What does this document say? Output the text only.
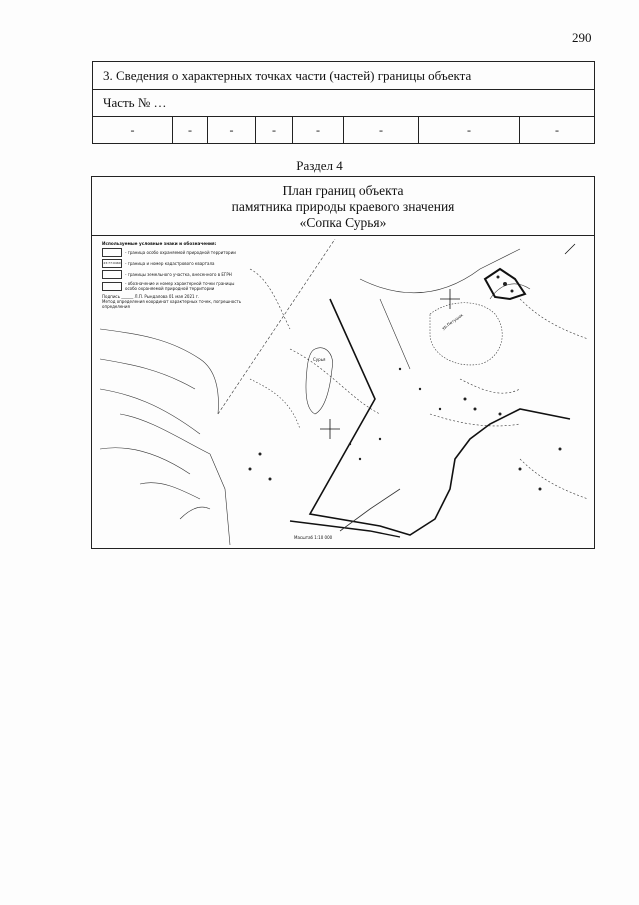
290
3. Сведения о характерных точках части (частей) границы объекта
Часть № …
-	-	-	-	-	-	-	-
Раздел 4
План границ объекта
памятника природы краевого значения
«Сопка Сурья»
Используемые условные знаки и обозначения:
- граница особо охраняемой природной территории
23:77:0460	- граница и номер кадастрового квартала
- границы земельного участка, внесенного в ЕГРН
- обозначение и номер характерной точки границы особо охраняемой природной территории
Подпись ______ Л.П. Рындалова 01 мая 2021 г.
Метод определения координат характерных точек, погрешность определения
Сурья
ур.Петушок
Масштаб 1:10 000
